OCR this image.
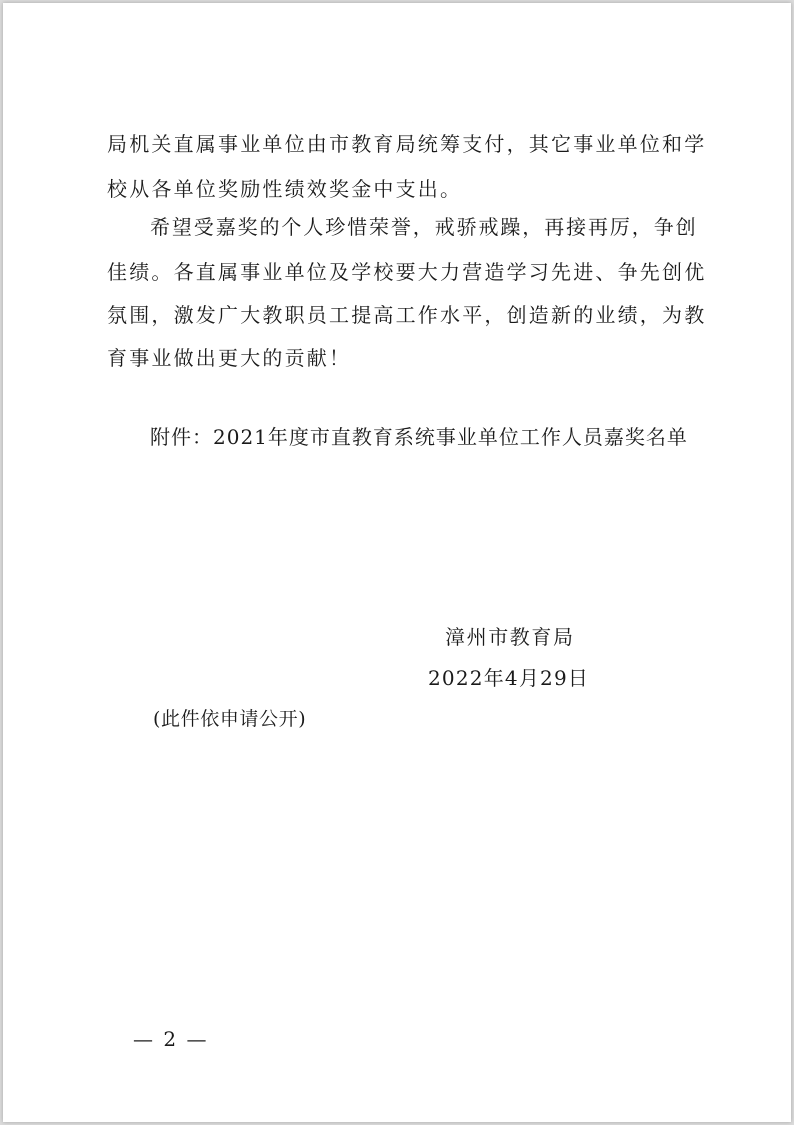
局机关直属事业单位由市教育局统筹支付，其它事业单位和学
校从各单位奖励性绩效奖金中支出。
希望受嘉奖的个人珍惜荣誉，戒骄戒躁，再接再厉，争创
佳绩。各直属事业单位及学校要大力营造学习先进、争先创优
氛围，激发广大教职员工提高工作水平，创造新的业绩，为教
育事业做出更大的贡献！
附件：2021年度市直教育系统事业单位工作人员嘉奖名单
漳州市教育局
2022年4月29日
(此件依申请公开)
— 2 —
